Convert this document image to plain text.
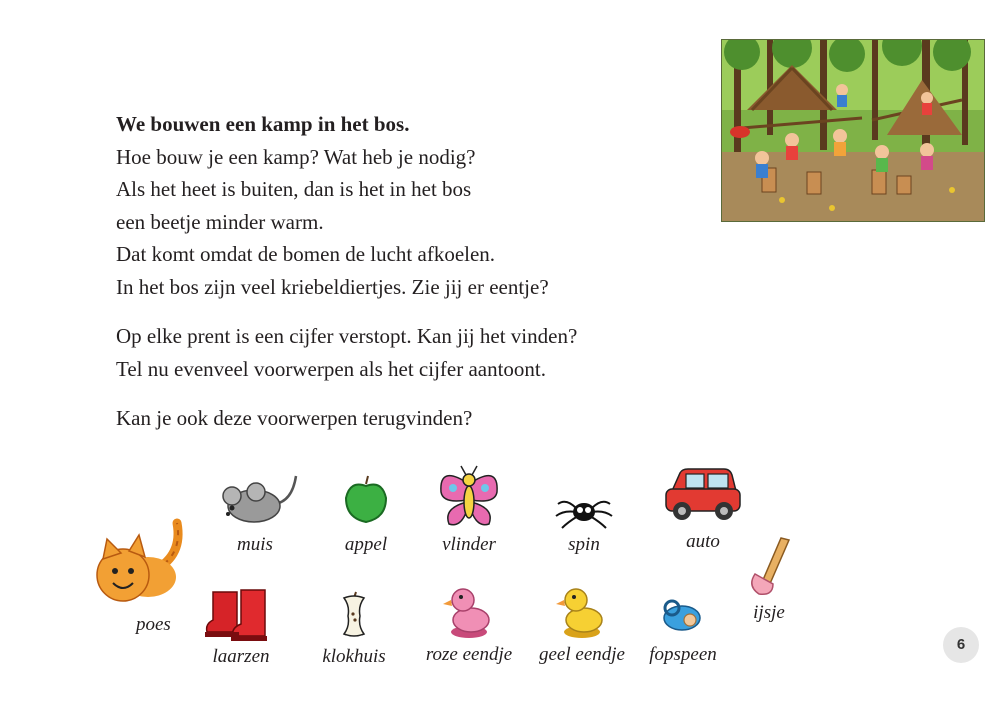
We bouwen een kamp in het bos.
Hoe bouw je een kamp? Wat heb je nodig?
Als het heet is buiten, dan is het in het bos
een beetje minder warm.
Dat komt omdat de bomen de lucht afkoelen.
In het bos zijn veel kriebeldiertjes. Zie jij er eentje?

Op elke prent is een cijfer verstopt. Kan jij het vinden?
Tel nu evenveel voorwerpen als het cijfer aantoont.

Kan je ook deze voorwerpen terugvinden?

poes
muis	appel	vlinder	spin	auto
ijsje
laarzen	klokhuis	roze eendje	geel eendje	fopspeen	6
